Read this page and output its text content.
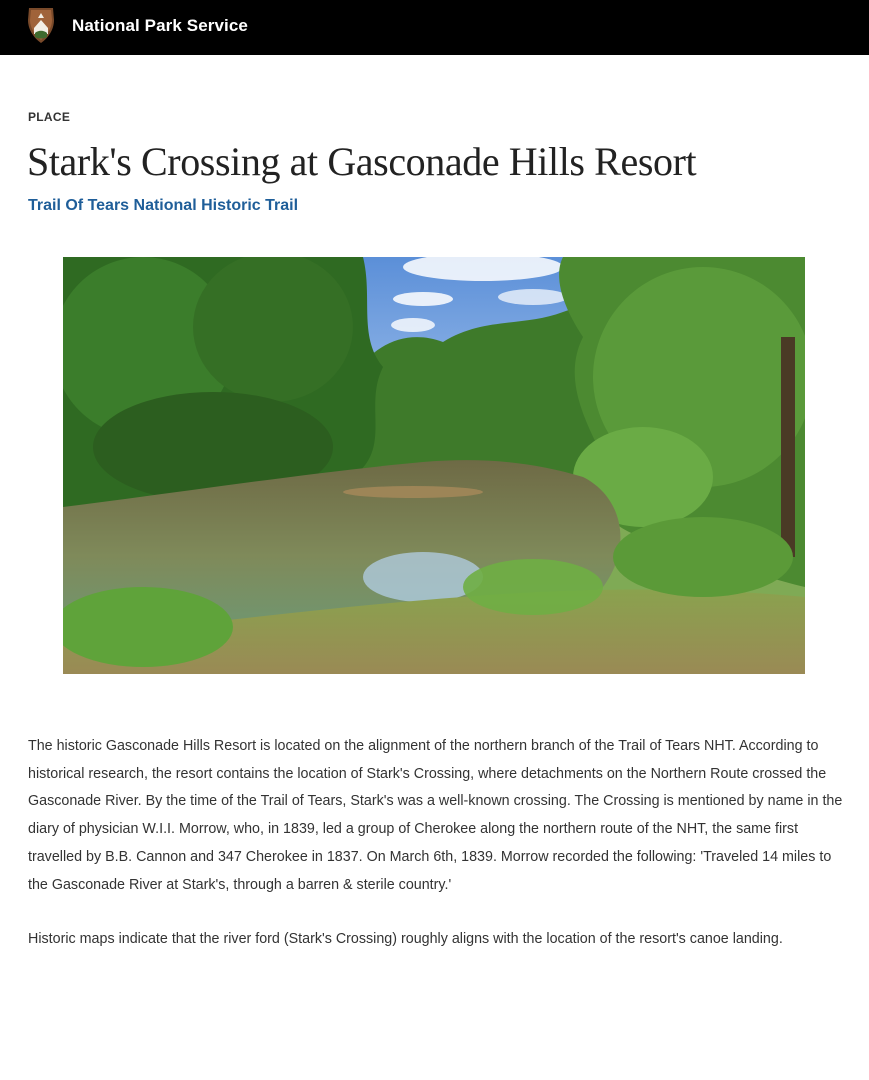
National Park Service
PLACE
Stark's Crossing at Gasconade Hills Resort
Trail Of Tears National Historic Trail

The historic Gasconade Hills Resort is located on the alignment of the northern branch of the Trail of Tears NHT. According to historical research, the resort contains the location of Stark's Crossing, where detachments on the Northern Route crossed the Gasconade River. By the time of the Trail of Tears, Stark's was a well-known crossing. The Crossing is mentioned by name in the diary of physician W.I.I. Morrow, who, in 1839, led a group of Cherokee along the northern route of the NHT, the same first travelled by B.B. Cannon and 347 Cherokee in 1837. On March 6th, 1839. Morrow recorded the following: 'Traveled 14 miles to the Gasconade River at Stark's, through a barren & sterile country.'

Historic maps indicate that the river ford (Stark's Crossing) roughly aligns with the location of the resort's canoe landing.
